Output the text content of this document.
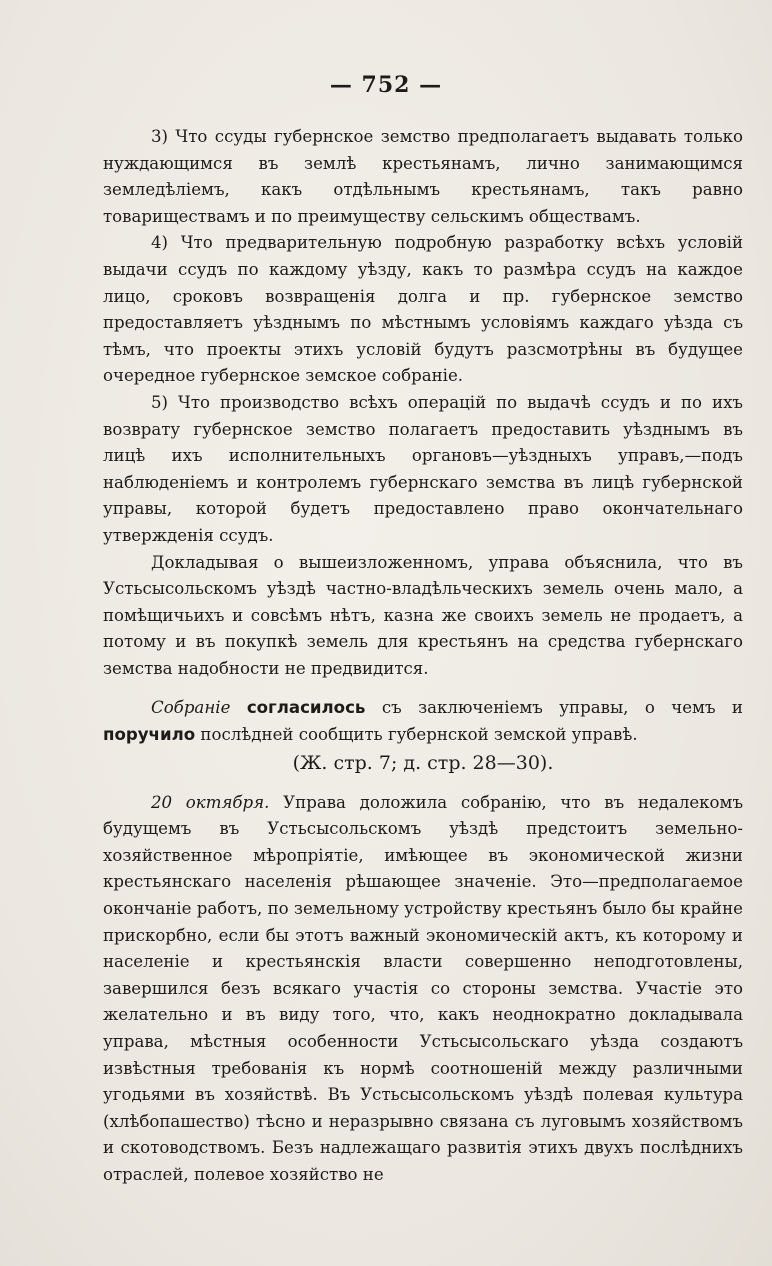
— 752 —

3) Что ссуды губернское земство предполагаетъ выдавать только нуждающимся въ землѣ крестьянамъ, лично занимающимся земледѣлiемъ, какъ отдѣльнымъ крестьянамъ, такъ равно товариществамъ и по преимуществу сельскимъ обществамъ.

4) Что предварительную подробную разработку всѣхъ условiй выдачи ссудъ по каждому уѣзду, какъ то размѣра ссудъ на каждое лицо, сроковъ возвращенiя долга и пр. губернское земство предоставляетъ уѣзднымъ по мѣстнымъ условiямъ каждаго уѣзда съ тѣмъ, что проекты этихъ условiй будутъ разсмотрѣны въ будущее очередное губернское земское собранiе.

5) Что производство всѣхъ операцiй по выдачѣ ссудъ и по ихъ возврату губернское земство полагаетъ предоставить уѣзднымъ въ лицѣ ихъ исполнительныхъ органовъ—уѣздныхъ управъ,—подъ наблюденiемъ и контролемъ губернскаго земства въ лицѣ губернской управы, которой будетъ предоставлено право окончательнаго утвержденiя ссудъ.

Докладывая о вышеизложенномъ, управа объяснила, что въ Устьсысольскомъ уѣздѣ частно-владѣльческихъ земель очень мало, а помѣщичьихъ и совсѣмъ нѣтъ, казна же своихъ земель не продаетъ, а потому и въ покупкѣ земель для крестьянъ на средства губернскаго земства надобности не предвидится.

Собранiе согласилось съ заключенiемъ управы, о чемъ и поручило послѣдней сообщить губернской земской управѣ.

(Ж. стр. 7; д. стр. 28—30).

20 октября. Управа доложила собранiю, что въ недалекомъ будущемъ въ Устьсысольскомъ уѣздѣ предстоитъ земельно-хозяйственное мѣропрiятiе, имѣющее въ экономической жизни крестьянскаго населенiя рѣшающее значенiе. Это—предполагаемое окончанiе работъ, по земельному устройству крестьянъ было бы крайне прискорбно, если бы этотъ важный экономическiй актъ, къ которому и населенiе и крестьянскiя власти совершенно неподготовлены, завершился безъ всякаго участiя со стороны земства. Участiе это желательно и въ виду того, что, какъ неоднократно докладывала управа, мѣстныя особенности Устьсысольскаго уѣзда создаютъ извѣстныя требованiя къ нормѣ соотношенiй между различными угодьями въ хозяйствѣ. Въ Устьсысольскомъ уѣздѣ полевая культура (хлѣбопашество) тѣсно и неразрывно связана съ луговымъ хозяйствомъ и скотоводствомъ. Безъ надлежащаго развитiя этихъ двухъ послѣднихъ отраслей, полевое хозяйство не
